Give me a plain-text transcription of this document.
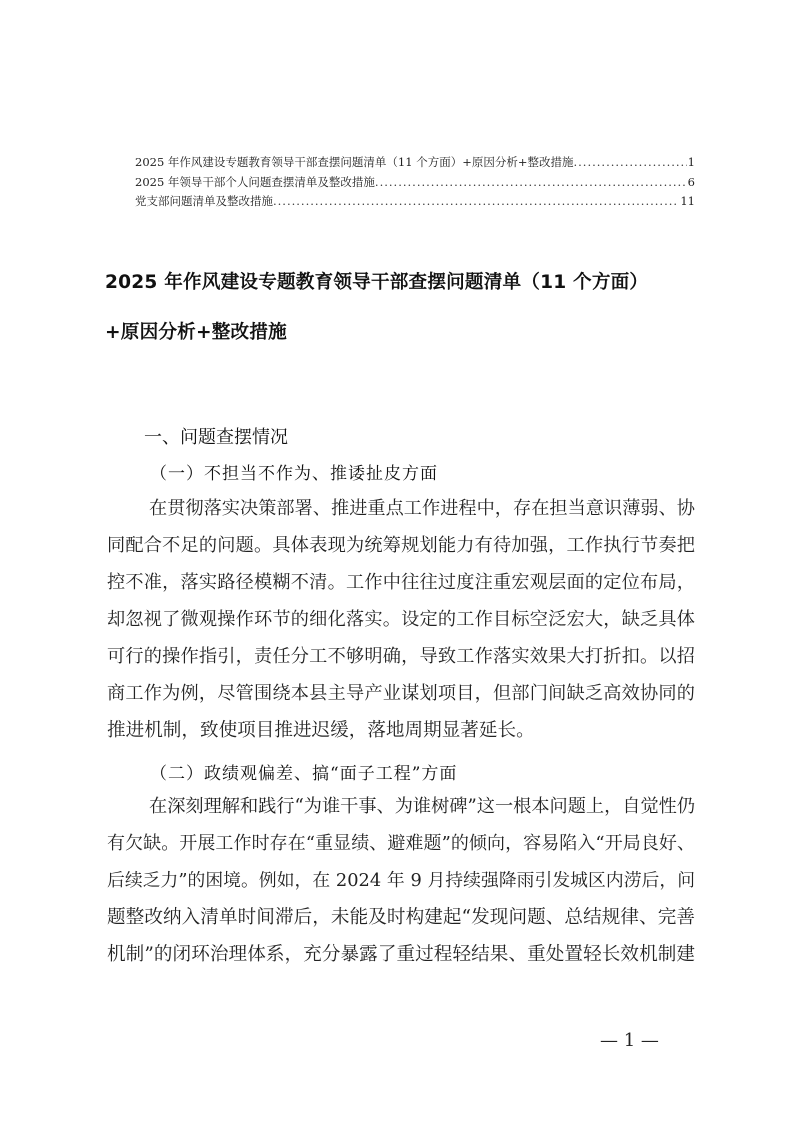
2025 年作风建设专题教育领导干部查摆问题清单（11 个方面）+原因分析+整改措施 .....	1
2025 年领导干部个人问题查摆清单及整改措施 .....	6
党支部问题清单及整改措施 .....	11
2025 年作风建设专题教育领导干部查摆问题清单（11 个方面）
+原因分析+整改措施
一、问题查摆情况
（一）不担当不作为、推诿扯皮方面
在贯彻落实决策部署、推进重点工作进程中，存在担当意识薄弱、协
同配合不足的问题。具体表现为统筹规划能力有待加强，工作执行节奏把
控不准，落实路径模糊不清。工作中往往过度注重宏观层面的定位布局，
却忽视了微观操作环节的细化落实。设定的工作目标空泛宏大，缺乏具体
可行的操作指引，责任分工不够明确，导致工作落实效果大打折扣。以招
商工作为例，尽管围绕本县主导产业谋划项目，但部门间缺乏高效协同的
推进机制，致使项目推进迟缓，落地周期显著延长。
（二）政绩观偏差、搞“面子工程”方面
在深刻理解和践行“为谁干事、为谁树碑”这一根本问题上，自觉性仍
有欠缺。开展工作时存在“重显绩、避难题”的倾向，容易陷入“开局良好、
后续乏力”的困境。例如，在 2024 年 9 月持续强降雨引发城区内涝后，问
题整改纳入清单时间滞后，未能及时构建起“发现问题、总结规律、完善
机制”的闭环治理体系，充分暴露了重过程轻结果、重处置轻长效机制建
— 1 —
